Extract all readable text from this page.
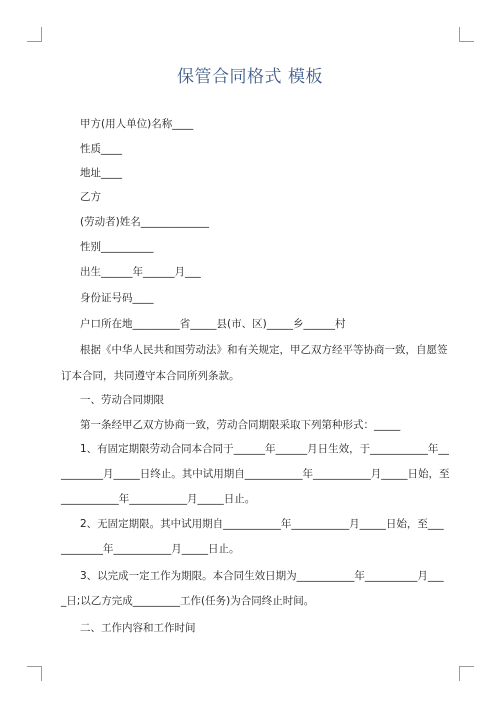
保管合同格式 模板
甲方(用人单位)名称____
性质____
地址____
乙方
(劳动者)姓名_____________
性别__________
出生______年______月___
身份证号码____
户口所在地_________省_____县(市、区)_____乡______村
根据《中华人民共和国劳动法》和有关规定，甲乙双方经平等协商一致，自愿签
订本合同，共同遵守本合同所列条款。
一、劳动合同期限
第一条经甲乙双方协商一致，劳动合同期限采取下列第种形式：_____
1、有固定期限劳动合同本合同于______年______月日生效，于___________年__
________月_____日终止。其中试用期自___________年___________月_____日始，至
___________年___________月_____日止。
2、无固定期限。其中试用期自___________年___________月_____日始，至___
________年___________月_____日止。
3、以完成一定工作为期限。本合同生效日期为___________年__________月___
_日;以乙方完成_________工作(任务)为合同终止时间。
二、工作内容和工作时间
